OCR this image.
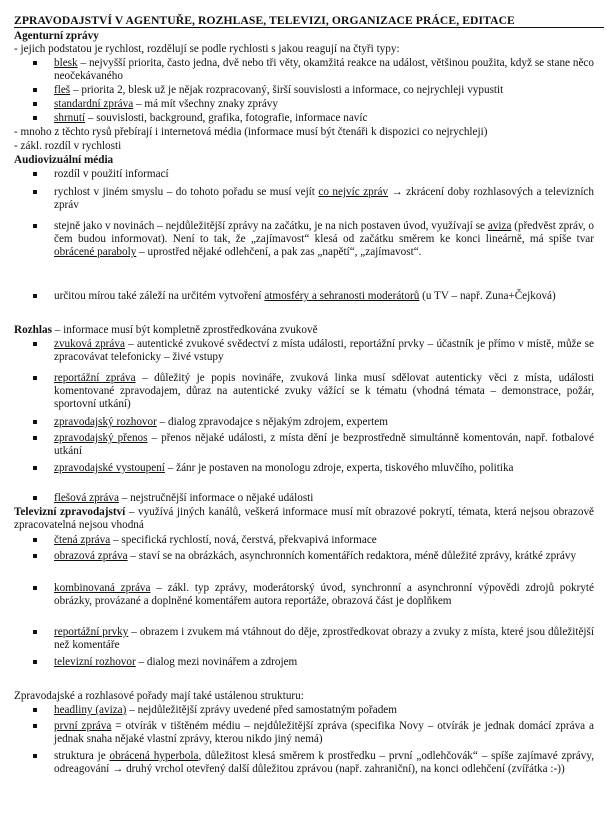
ZPRAVODAJSTVÍ V AGENTUŘE, ROZHLASE, TELEVIZI, ORGANIZACE PRÁCE, EDITACE
Agenturní zprávy
- jejich podstatou je rychlost, rozdělují se podle rychlosti s jakou reagují na čtyři typy:
blesk – nejvyšší priorita, často jedna, dvě nebo tři věty, okamžitá reakce na událost, většinou použita, když se stane něco neočekávaného
fleš – priorita 2, blesk už je nějak rozpracovaný, širší souvislosti a informace, co nejrychleji vypustit
standardní zpráva – má mít všechny znaky zprávy
shrnutí – souvislosti, background, grafika, fotografie, informace navíc
- mnoho z těchto rysů přebírají i internetová média (informace musí být čtenáři k dispozici co nejrychleji)
- zákl. rozdíl v rychlosti
Audiovizuální média
rozdíl v použití informací
rychlost v jiném smyslu – do tohoto pořadu se musí vejít co nejvíc zpráv → zkrácení doby rozhlasových a televizních zpráv
stejně jako v novinách – nejdůležitější zprávy na začátku, je na nich postaven úvod, využívají se aviza (předvěst zpráv, o čem budou informovat). Není to tak, že „zajímavost“ klesá od začátku směrem ke konci lineárně, má spíše tvar obrácené paraboly – uprostřed nějaké odlehčení, a pak zas „napětí“, „zajímavost“.
určitou mírou také záleží na určitém vytvoření atmosféry a sehranosti moderátorů (u TV – např. Zuna+Čejková)
Rozhlas – informace musí být kompletně zprostředkována zvukově
zvuková zpráva – autentické zvukové svědectví z místa události, reportážní prvky – účastník je přímo v místě, může se zpracovávat telefonicky – živé vstupy
reportážní zpráva – důležitý je popis novináře, zvuková linka musí sdělovat autenticky věci z místa, události komentované zpravodajem, důraz na autentické zvuky vážící se k tématu (vhodná témata – demonstrace, požár, sportovní utkání)
zpravodajský rozhovor – dialog zpravodajce s nějakým zdrojem, expertem
zpravodajský přenos – přenos nějaké události, z místa dění je bezprostředně simultánně komentován, např. fotbalové utkání
zpravodajské vystoupení – žánr je postaven na monologu zdroje, experta, tiskového mluvčího, politika
flešová zpráva – nejstručnější informace o nějaké události
Televizní zpravodajství – využívá jiných kanálů, veškerá informace musí mít obrazové pokrytí, témata, která nejsou obrazově zpracovatelná nejsou vhodná
čtená zpráva – specifická rychlostí, nová, čerstvá, překvapivá informace
obrazová zpráva – staví se na obrázkách, asynchronních komentářích redaktora, méně důležité zprávy, krátké zprávy
kombinovaná zpráva – zákl. typ zprávy, moderátorský úvod, synchronní a asynchronní výpovědi zdrojů pokryté obrázky, provázané a doplněné komentářem autora reportáže, obrazová část je doplňkem
reportážní prvky – obrazem i zvukem má vtáhnout do děje, zprostředkovat obrazy a zvuky z místa, které jsou důležitější než komentáře
televizní rozhovor – dialog mezi novinářem a zdrojem
Zpravodajské a rozhlasové pořady mají také ustálenou strukturu:
headliny (aviza) – nejdůležitější zprávy uvedené před samostatným pořadem
první zpráva = otvírák v tištěném médiu – nejdůležitější zpráva (specifika Novy – otvírák je jednak domácí zpráva a jednak snaha nějaké vlastní zprávy, kterou nikdo jiný nemá)
struktura je obrácená hyperbola, důležitost klesá směrem k prostředku – první „odlehčovák“ – spíše zajímavé zprávy, odreagování → druhý vrchol otevřený další důležitou zprávou (např. zahraniční), na konci odlehčení (zvířátka :-))
